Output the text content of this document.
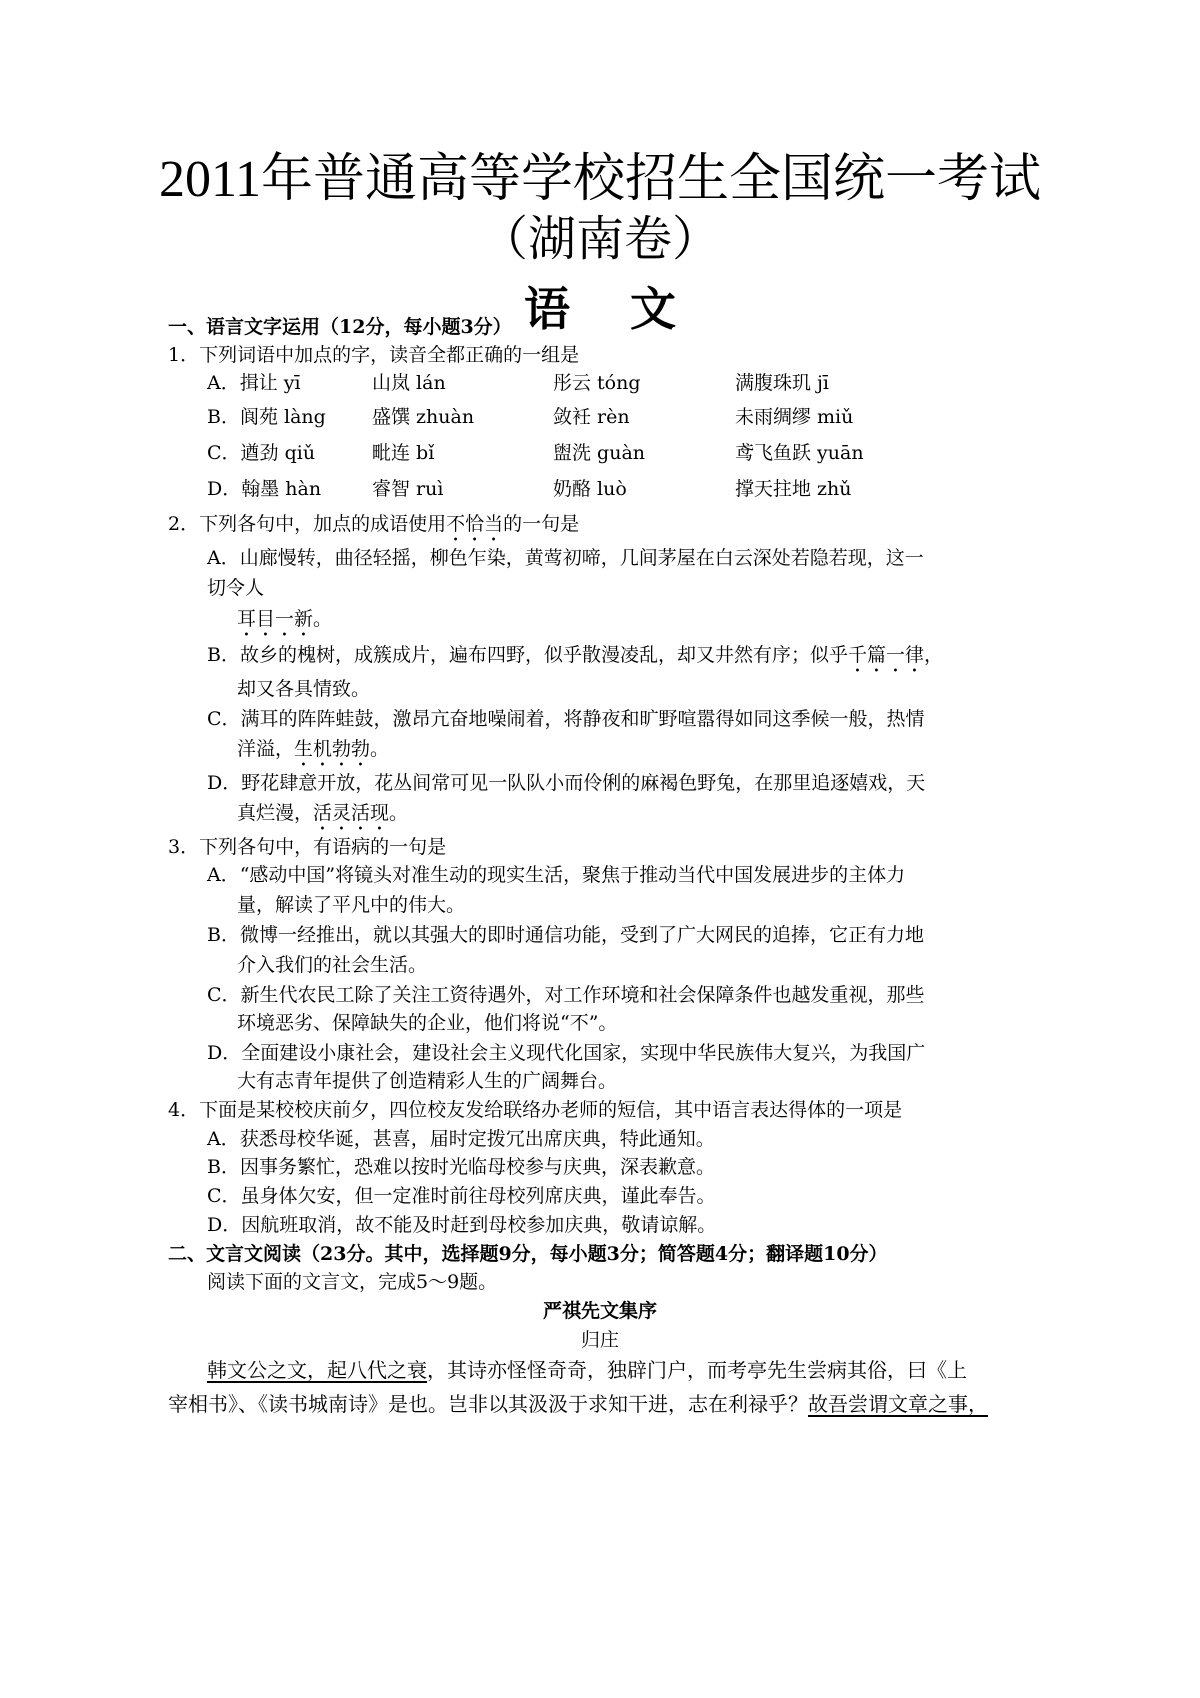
2011年普通高等学校招生全国统一考试
（湖南卷）
语文
一、语言文字运用（12分，每小题3分）
1．下列词语中加点的字，读音全都正确的一组是
A．揖让 yī	山岚 lán	彤云 tóng	满腹珠玑 jī
B．阆苑 làng 盛馔 zhuàn	敛衽 rèn	未雨绸缪 miǔ
C．遒劲 qiǔ	毗连 bǐ	盥洗 guàn	鸢飞鱼跃 yuān
D．翰墨 hàn	睿智 ruì	奶酪 luò	撑天拄地 zhǔ
2．下列各句中，加点的成语使用不恰当的一句是
A．山廊慢转，曲径轻摇，柳色乍染，黄莺初啼，几间茅屋在白云深处若隐若现，这一
切令人
耳目一新。
B．故乡的槐树，成簇成片，遍布四野，似乎散漫凌乱，却又井然有序；似乎千篇一律，
却又各具情致。
C．满耳的阵阵蛙鼓，激昂亢奋地噪闹着，将静夜和旷野喧嚣得如同这季候一般，热情
洋溢，生机勃勃。
D．野花肆意开放，花丛间常可见一队队小而伶俐的麻褐色野兔，在那里追逐嬉戏，天
真烂漫，活灵活现。
3．下列各句中，有语病的一句是
A．“感动中国”将镜头对准生动的现实生活，聚焦于推动当代中国发展进步的主体力
量，解读了平凡中的伟大。
B．微博一经推出，就以其强大的即时通信功能，受到了广大网民的追捧，它正有力地
介入我们的社会生活。
C．新生代农民工除了关注工资待遇外，对工作环境和社会保障条件也越发重视，那些
环境恶劣、保障缺失的企业，他们将说“不”。
D．全面建设小康社会，建设社会主义现代化国家，实现中华民族伟大复兴，为我国广
大有志青年提供了创造精彩人生的广阔舞台。
4．下面是某校校庆前夕，四位校友发给联络办老师的短信，其中语言表达得体的一项是
A．获悉母校华诞，甚喜，届时定拨冗出席庆典，特此通知。
B．因事务繁忙，恐难以按时光临母校参与庆典，深表歉意。
C．虽身体欠安，但一定准时前往母校列席庆典，谨此奉告。
D．因航班取消，故不能及时赶到母校参加庆典，敬请谅解。
二、文言文阅读（23分。其中，选择题9分，每小题3分；简答题4分；翻译题10分）
阅读下面的文言文，完成5～9题。
严祺先文集序
归庄
韩文公之文，起八代之衰，其诗亦怪怪奇奇，独辟门户，而考亭先生尝病其俗，曰《上
宰相书》、《读书城南诗》是也。岂非以其汲汲于求知干进，志在利禄乎？故吾尝谓文章之事，
